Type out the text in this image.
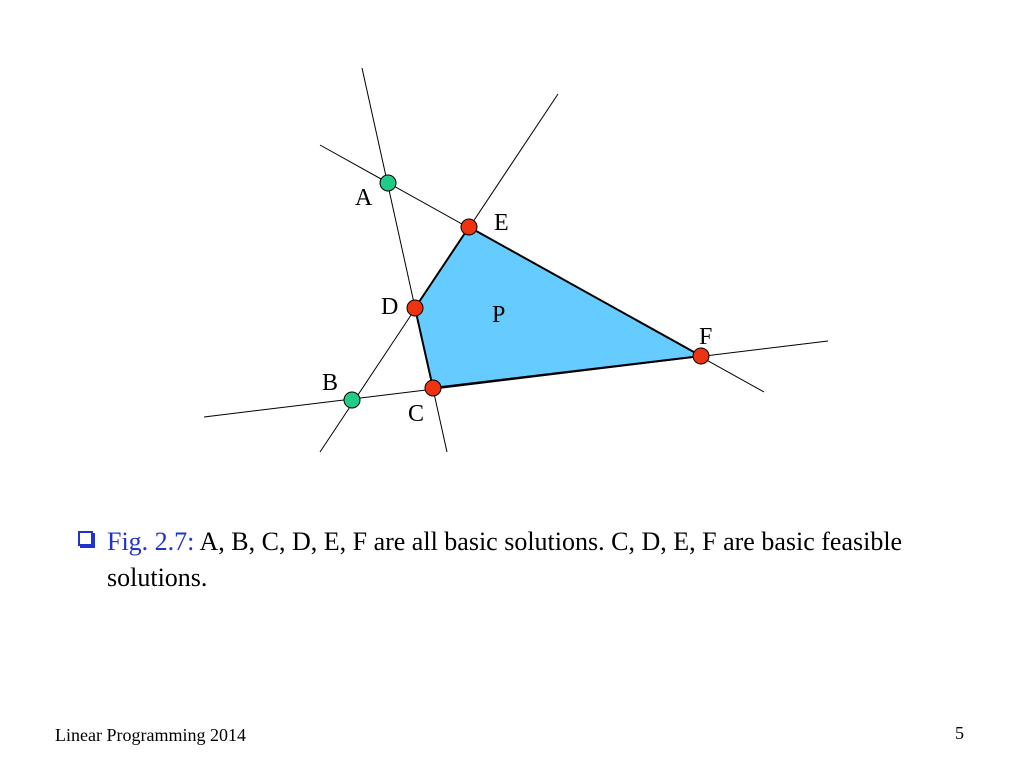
P
A
B
C
D
E
F
Fig. 2.7: A, B, C, D, E, F are all basic solutions. C, D, E, F are basic feasible solutions.
Linear Programming 2014	5
